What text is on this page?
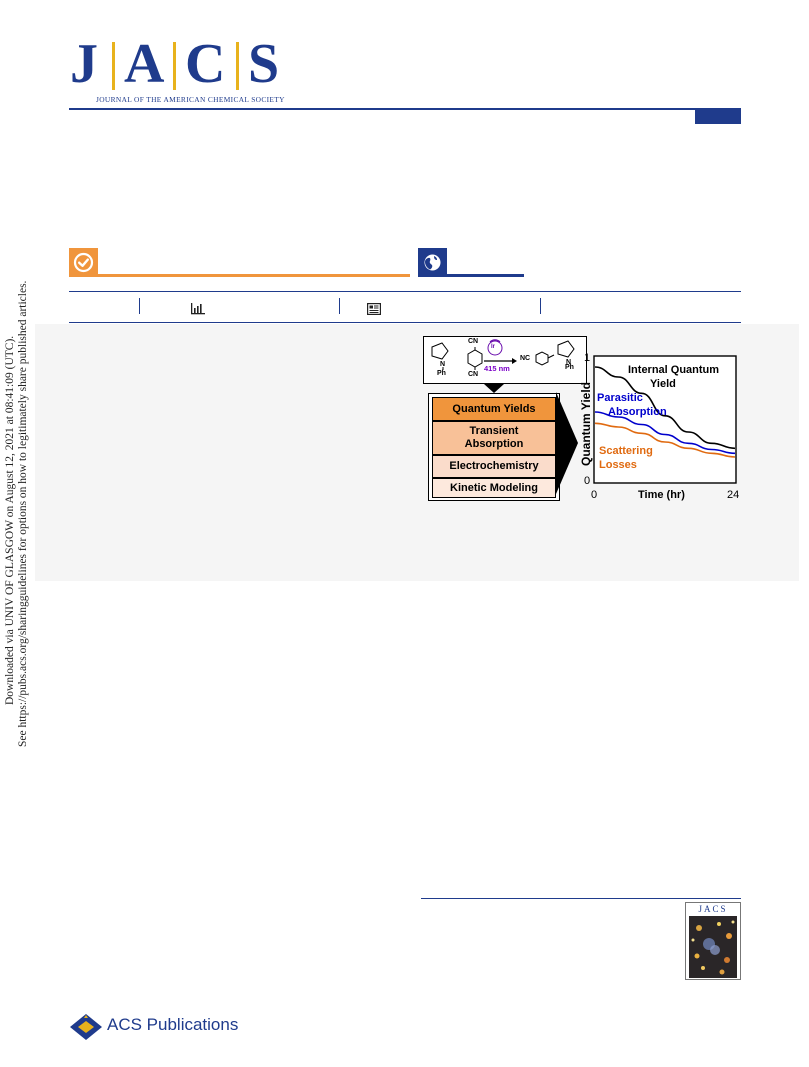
J A C S
JOURNAL OF THE AMERICAN CHEMICAL SOCIETY
Downloaded via UNIV OF GLASGOW on August 12, 2021 at 08:41:09 (UTC). See https://pubs.acs.org/sharingguidelines for options on how to legitimately share published articles.	N	N
Ph
CN
CN
Ir
415 nm
NC
Ph
Quantum Yields
Transient Absorption
Electrochemistry
Kinetic Modeling
Quantum Yield
1
0
0	24
Time (hr)
Internal Quantum
Yield
Parasitic
Absorption
Scattering
Losses
JACS
ACS Publications
